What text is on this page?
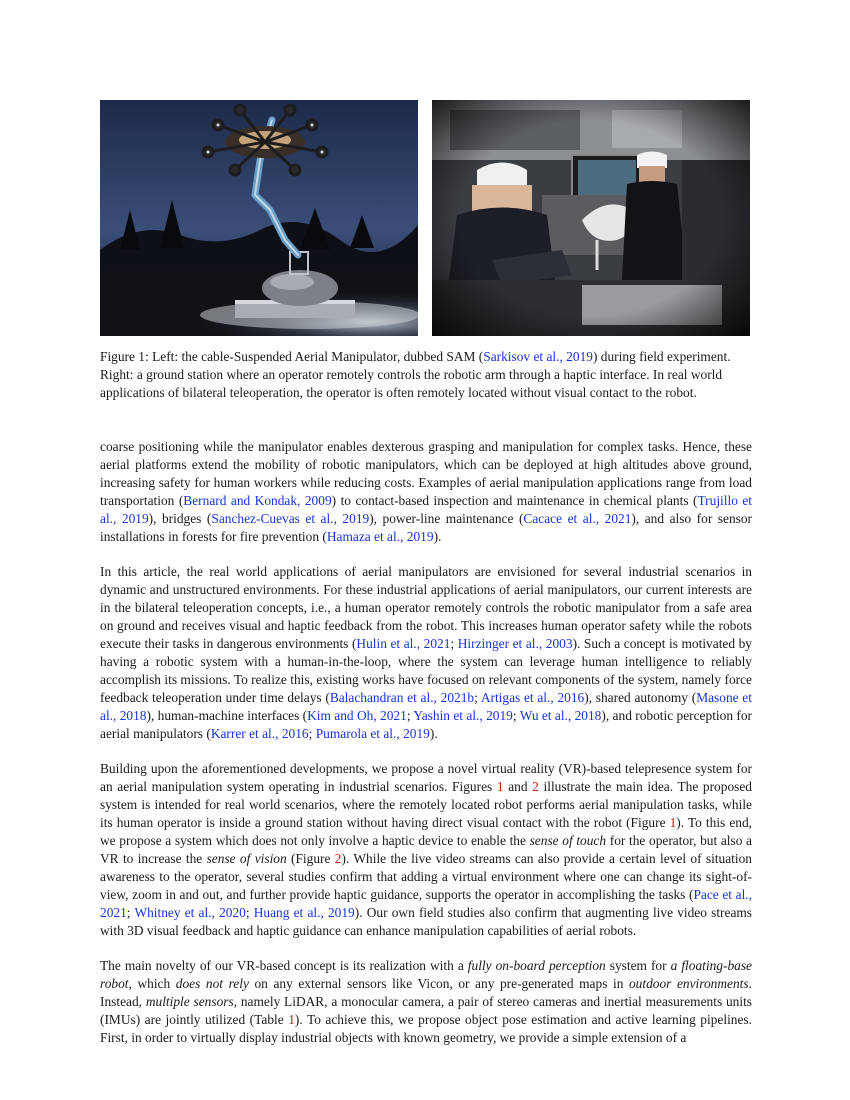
Figure 1: Left: the cable-Suspended Aerial Manipulator, dubbed SAM (Sarkisov et al., 2019) during field experiment. Right: a ground station where an operator remotely controls the robotic arm through a haptic interface. In real world applications of bilateral teleoperation, the operator is often remotely located without visual contact to the robot.

coarse positioning while the manipulator enables dexterous grasping and manipulation for complex tasks. Hence, these aerial platforms extend the mobility of robotic manipulators, which can be deployed at high altitudes above ground, increasing safety for human workers while reducing costs. Examples of aerial manipulation applications range from load transportation (Bernard and Kondak, 2009) to contact-based inspection and maintenance in chemical plants (Trujillo et al., 2019), bridges (Sanchez-Cuevas et al., 2019), power-line maintenance (Cacace et al., 2021), and also for sensor installations in forests for fire prevention (Hamaza et al., 2019).

In this article, the real world applications of aerial manipulators are envisioned for several industrial scenarios in dynamic and unstructured environments. For these industrial applications of aerial manipulators, our current interests are in the bilateral teleoperation concepts, i.e., a human operator remotely controls the robotic manipulator from a safe area on ground and receives visual and haptic feedback from the robot. This increases human operator safety while the robots execute their tasks in dangerous environments (Hulin et al., 2021; Hirzinger et al., 2003). Such a concept is motivated by having a robotic system with a human-in-the-loop, where the system can leverage human intelligence to reliably accomplish its missions. To realize this, existing works have focused on relevant components of the system, namely force feedback teleoperation under time delays (Balachandran et al., 2021b; Artigas et al., 2016), shared autonomy (Masone et al., 2018), human-machine interfaces (Kim and Oh, 2021; Yashin et al., 2019; Wu et al., 2018), and robotic perception for aerial manipulators (Karrer et al., 2016; Pumarola et al., 2019).

Building upon the aforementioned developments, we propose a novel virtual reality (VR)-based telepresence system for an aerial manipulation system operating in industrial scenarios. Figures 1 and 2 illustrate the main idea. The proposed system is intended for real world scenarios, where the remotely located robot performs aerial manipulation tasks, while its human operator is inside a ground station without having direct visual contact with the robot (Figure 1). To this end, we propose a system which does not only involve a haptic device to enable the sense of touch for the operator, but also a VR to increase the sense of vision (Figure 2). While the live video streams can also provide a certain level of situation awareness to the operator, several studies confirm that adding a virtual environment where one can change its sight-of-view, zoom in and out, and further provide haptic guidance, supports the operator in accomplishing the tasks (Pace et al., 2021; Whitney et al., 2020; Huang et al., 2019). Our own field studies also confirm that augmenting live video streams with 3D visual feedback and haptic guidance can enhance manipulation capabilities of aerial robots.

The main novelty of our VR-based concept is its realization with a fully on-board perception system for a floating-base robot, which does not rely on any external sensors like Vicon, or any pre-generated maps in outdoor environments. Instead, multiple sensors, namely LiDAR, a monocular camera, a pair of stereo cameras and inertial measurements units (IMUs) are jointly utilized (Table 1). To achieve this, we propose object pose estimation and active learning pipelines. First, in order to virtually display industrial objects with known geometry, we provide a simple extension of a
